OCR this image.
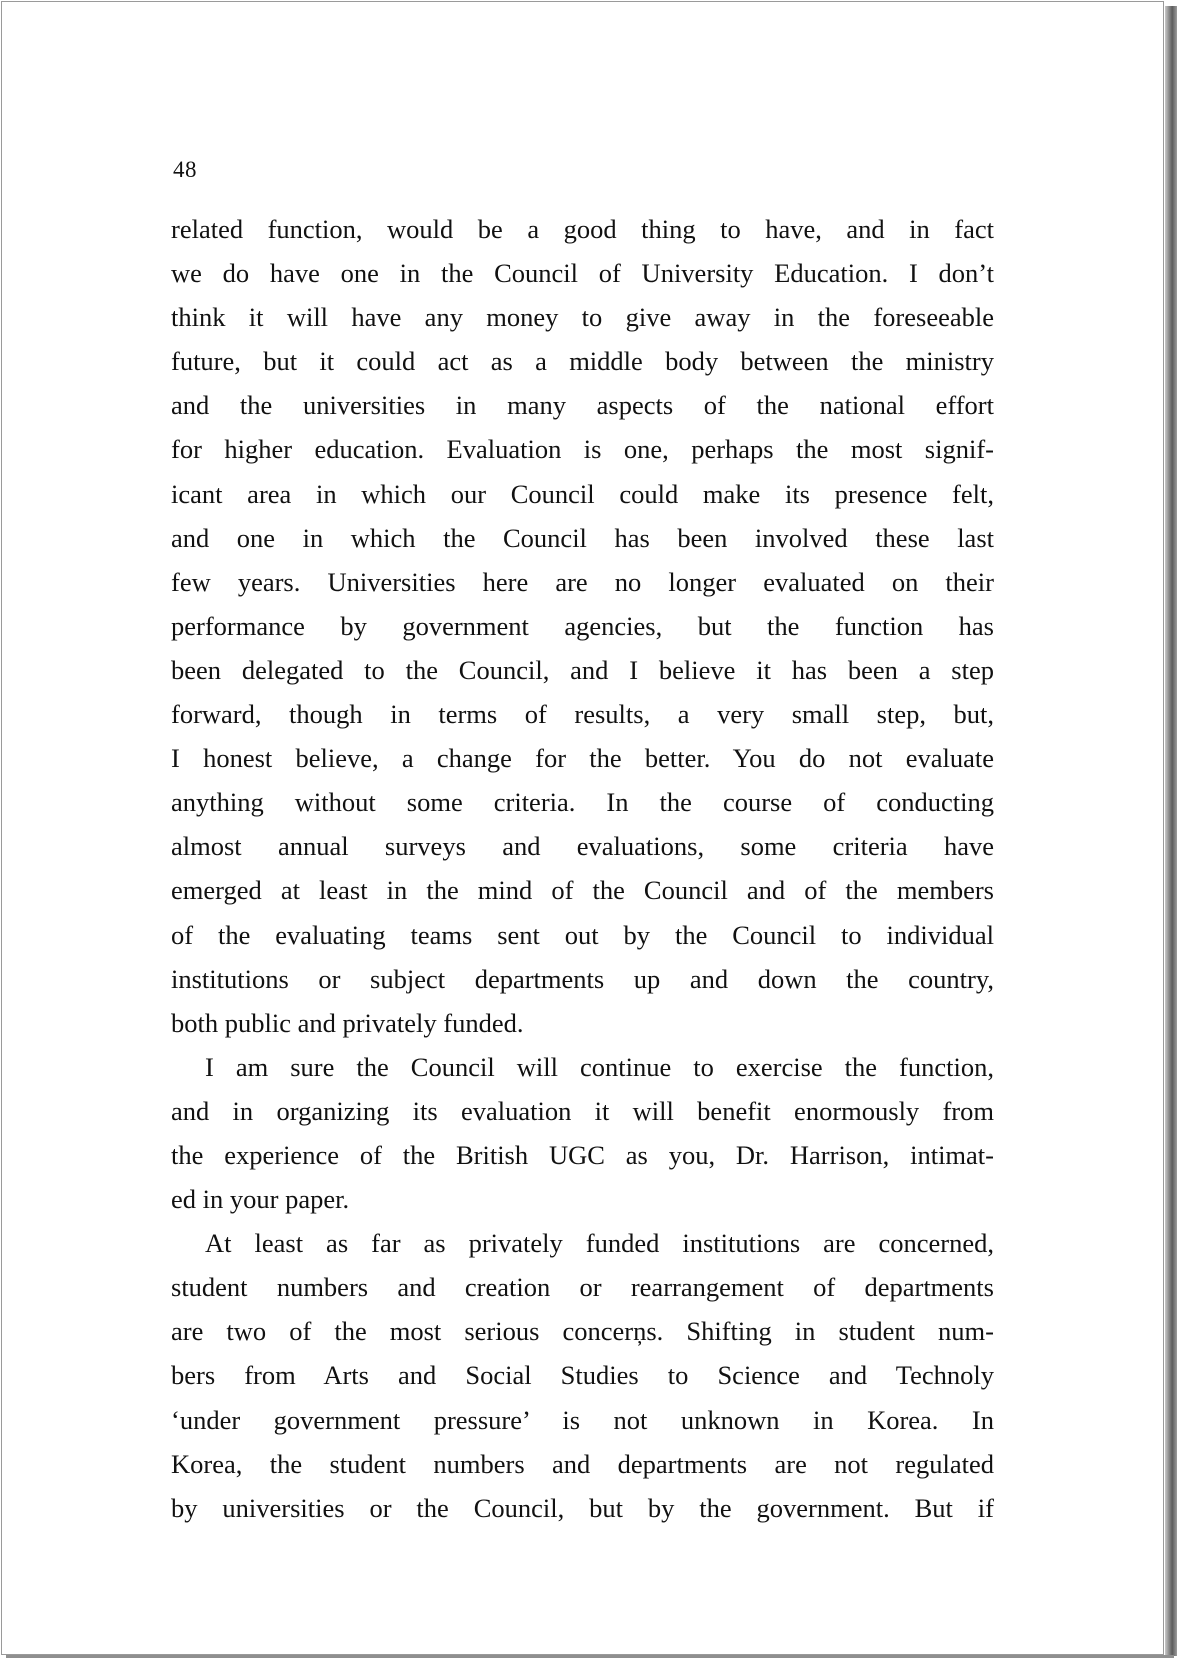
48
related function, would be a good thing to have, and in fact
we do have one in the Council of University Education. I don’t
think it will have any money to give away in the foreseeable
future, but it could act as a middle body between the ministry
and the universities in many aspects of the national effort
for higher education. Evaluation is one, perhaps the most signif-
icant area in which our Council could make its presence felt,
and one in which the Council has been involved these last
few years. Universities here are no longer evaluated on their
performance by government agencies, but the function has
been delegated to the Council, and I believe it has been a step
forward, though in terms of results, a very small step, but,
I honest believe, a change for the better. You do not evaluate
anything without some criteria. In the course of conducting
almost annual surveys and evaluations, some criteria have
emerged at least in the mind of the Council and of the members
of the evaluating teams sent out by the Council to individual
institutions or subject departments up and down the country,
both public and privately funded.
I am sure the Council will continue to exercise the function,
and in organizing its evaluation it will benefit enormously from
the experience of the British UGC as you, Dr. Harrison, intimat-
ed in your paper.
At least as far as privately funded institutions are concerned,
student numbers and creation or rearrangement of departments
are two of the most serious concerņs. Shifting in student num-
bers from Arts and Social Studies to Science and Technoly
‘under government pressure’ is not unknown in Korea. In
Korea, the student numbers and departments are not regulated
by universities or the Council, but by the government. But if
